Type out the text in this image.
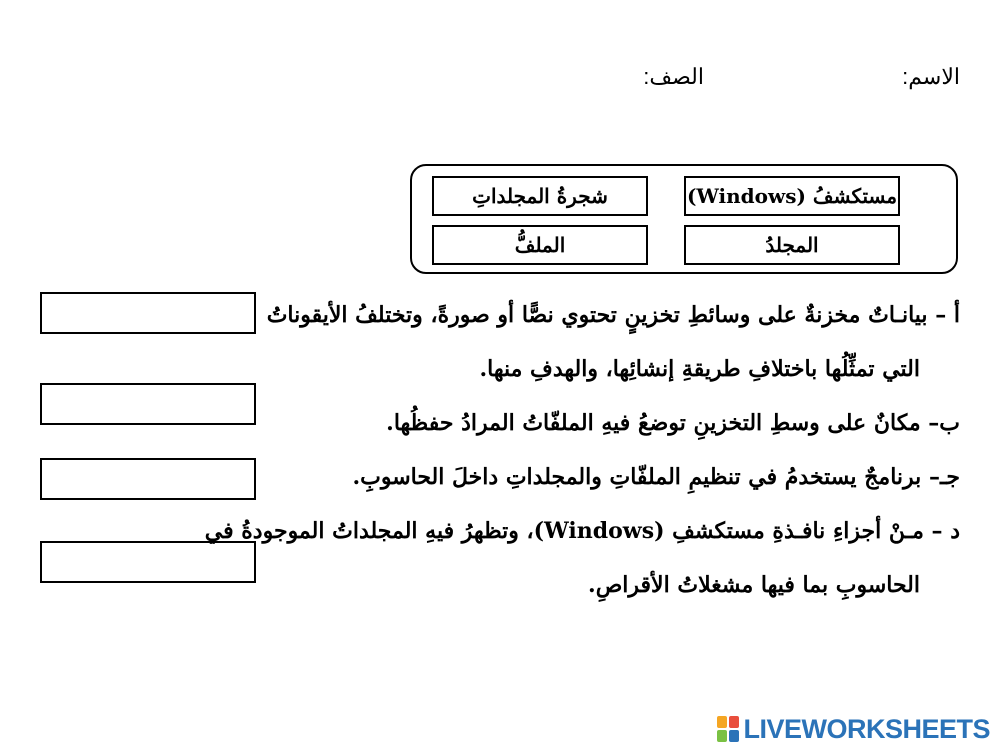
الاسم:
الصف:
مستكشفُ (Windows)
شجرةُ المجلداتِ
المجلدُ
الملفُّ
أ – بيانـاتٌ مخزنةٌ على وسائطِ تخزينٍ تحتوي نصًّا أو صورةً، وتختلفُ الأيقوناتُ
التي تمثِّلُها باختلافِ طريقةِ إنشائِها، والهدفِ منها.
ب– مكانٌ على وسطِ التخزينِ توضعُ فيهِ الملفّاتُ المرادُ حفظُها.
جـ– برنامجٌ يستخدمُ في تنظيمِ الملفّاتِ والمجلداتِ داخلَ الحاسوبِ.
د – مـنْ أجزاءِ نافـذةِ مستكشفِ (Windows)، وتظهرُ فيهِ المجلداتُ الموجودةُ في
الحاسوبِ بما فيها مشغلاتُ الأقراصِ.
LIVEWORKSHEETS
